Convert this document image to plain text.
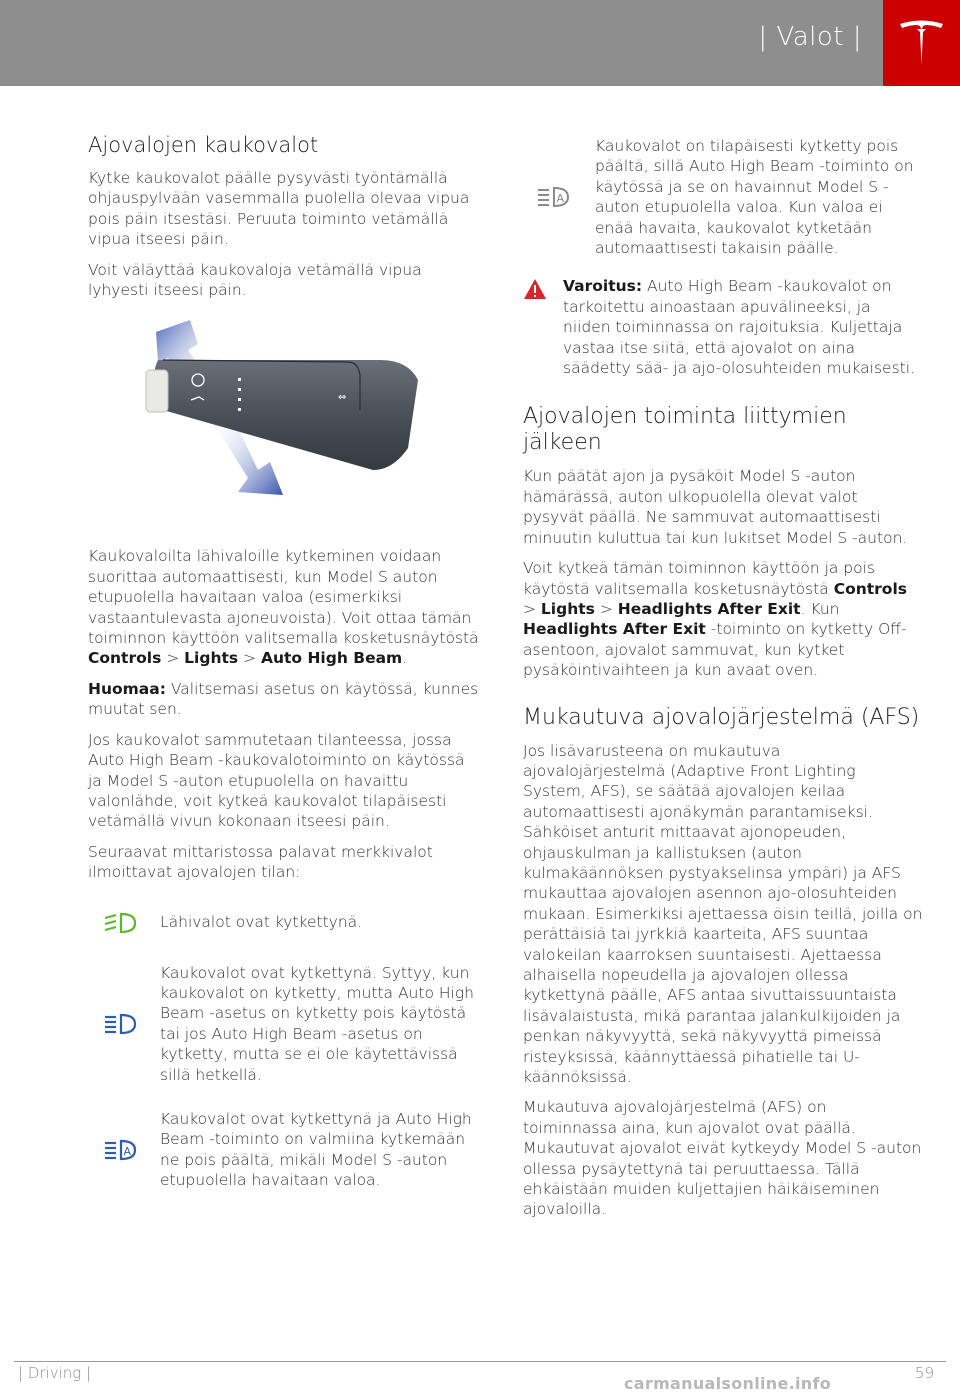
| Valot |
Ajovalojen kaukovalot

Kytke kaukovalot päälle pysyvästi työntämällä ohjauspylvään vasemmalla puolella olevaa vipua pois päin itsestäsi. Peruuta toiminto vetämällä vipua itseesi päin.

Voit väläyttää kaukovaloja vetämällä vipua lyhyesti itseesi päin.

⇔

Kaukovaloilta lähivaloille kytkeminen voidaan suorittaa automaattisesti, kun Model S auton etupuolella havaitaan valoa (esimerkiksi vastaantulevasta ajoneuvoista). Voit ottaa tämän toiminnon käyttöön valitsemalla kosketusnäytöstä Controls > Lights > Auto High Beam.

Huomaa: Valitsemasi asetus on käytössä, kunnes muutat sen.

Jos kaukovalot sammutetaan tilanteessa, jossa Auto High Beam -kaukovalotoiminto on käytössä ja Model S -auton etupuolella on havaittu valonlähde, voit kytkeä kaukovalot tilapäisesti vetämällä vivun kokonaan itseesi päin.

Seuraavat mittaristossa palavat merkkivalot ilmoittavat ajovalojen tilan:

Lähivalot ovat kytkettynä.
Kaukovalot ovat kytkettynä. Syttyy, kun kaukovalot on kytketty, mutta Auto High Beam -asetus on kytketty pois käytöstä tai jos Auto High Beam -asetus on kytketty, mutta se ei ole käytettävissä sillä hetkellä.
A
Kaukovalot ovat kytkettynä ja Auto High Beam -toiminto on valmiina kytkemään ne pois päältä, mikäli Model S -auton etupuolella havaitaan valoa.
A
Kaukovalot on tilapäisesti kytketty pois päältä, sillä Auto High Beam -toiminto on käytössä ja se on havainnut Model S -auton etupuolella valoa. Kun valoa ei enää havaita, kaukovalot kytketään automaattisesti takaisin päälle.
Varoitus: Auto High Beam -kaukovalot on tarkoitettu ainoastaan apuvälineeksi, ja niiden toiminnassa on rajoituksia. Kuljettaja vastaa itse siitä, että ajovalot on aina säädetty sää- ja ajo-olosuhteiden mukaisesti.
Ajovalojen toiminta liittymien jälkeen

Kun päätät ajon ja pysäköit Model S -auton hämärässä, auton ulkopuolella olevat valot pysyvät päällä. Ne sammuvat automaattisesti minuutin kuluttua tai kun lukitset Model S -auton.

Voit kytkeä tämän toiminnon käyttöön ja pois käytöstä valitsemalla kosketusnäytöstä Controls > Lights > Headlights After Exit. Kun Headlights After Exit -toiminto on kytketty Off-asentoon, ajovalot sammuvat, kun kytket pysäköintivaihteen ja kun avaat oven.

Mukautuva ajovalojärjestelmä (AFS)

Jos lisävarusteena on mukautuva ajovalojärjestelmä (Adaptive Front Lighting System, AFS), se säätää ajovalojen keilaa automaattisesti ajonäkymän parantamiseksi. Sähköiset anturit mittaavat ajonopeuden, ohjauskulman ja kallistuksen (auton kulmakäännöksen pystyakselinsa ympäri) ja AFS mukauttaa ajovalojen asennon ajo-olosuhteiden mukaan. Esimerkiksi ajettaessa öisin teillä, joilla on perättäisiä tai jyrkkiä kaarteita, AFS suuntaa valokeilan kaarroksen suuntaisesti. Ajettaessa alhaisella nopeudella ja ajovalojen ollessa kytkettynä päälle, AFS antaa sivuttaissuuntaista lisävalaistusta, mikä parantaa jalankulkijoiden ja penkan näkyvyyttä, sekä näkyvyyttä pimeissä risteyksissä, käännyttäessä pihatielle tai U-käännöksissä.

Mukautuva ajovalojärjestelmä (AFS) on toiminnassa aina, kun ajovalot ovat päällä. Mukautuvat ajovalot eivät kytkeydy Model S -auton ollessa pysäytettynä tai peruuttaessa. Tällä ehkäistään muiden kuljettajien häikäiseminen ajovaloilla.

| Driving |	59
carmanualsonline.info
